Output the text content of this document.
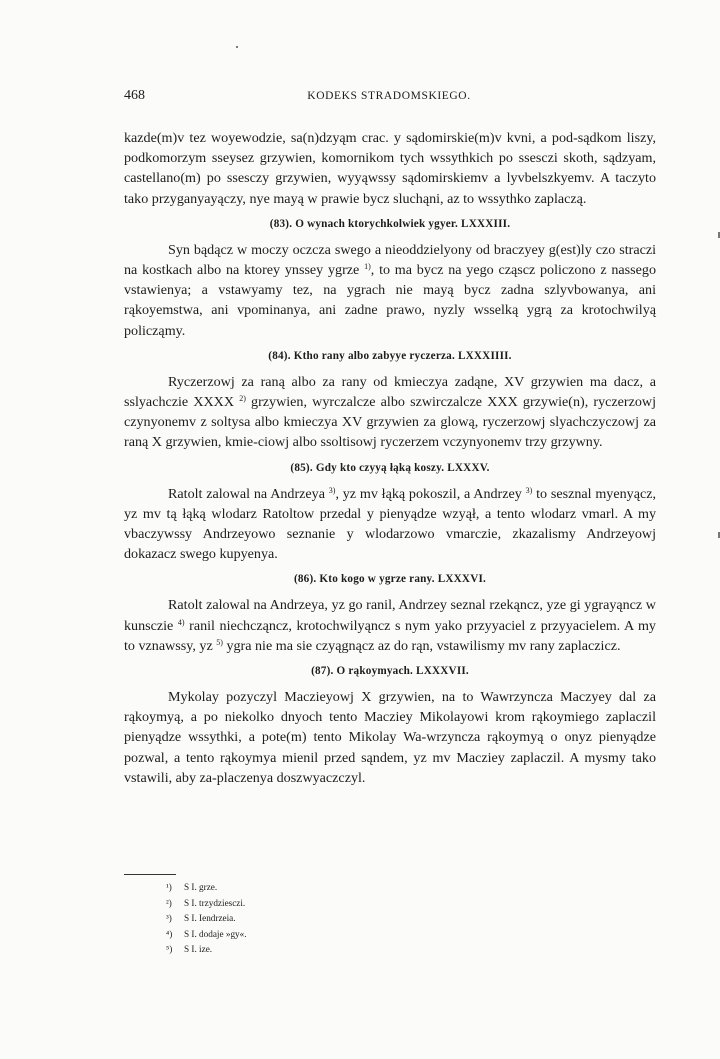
468	KODEKS STRADOMSKIEGO.

kazde(m)v tez woyewodzie, sa(n)dzyąm crac. y sądomirskie(m)v kvni, a pod-sądkom liszy, podkomorzym sseysez grzywien, komornikom tych wssythkich po ssesczi skoth, sądzyam, castellano(m) po ssesczy grzywien, wyyąwssy sądomirskiemv a lyvbelszkyemv. A taczyto tako przyganyayączy, nye mayą w prawie bycz sluchąni, az to wssythko zaplaczą.

(83). O wynach ktorychkolwiek ygyer. LXXXIII.

Syn bądącz w moczy oczcza swego a nieoddzielyony od braczyey g(est)ly czo straczi na kostkach albo na ktorey ynssey ygrze $^{1)}$, to ma bycz na yego cząscz policzono z nassego vstawienya; a vstawyamy tez, na ygrach nie mayą bycz zadna szlyvbowanya, ani rąkoyemstwa, ani vpominanya, ani zadne prawo, nyzly wsselką ygrą za krotochwilyą policząmy.

(84). Ktho rany albo zabyye ryczerza. LXXXIIII.

Ryczerzowj za raną albo za rany od kmieczya zadąne, XV grzywien ma dacz, a sslyachczie XXXX $^{2)}$ grzywien, wyrczalcze albo szwirczalcze XXX grzywie(n), ryczerzowj czynyonemv z soltysa albo kmieczya XV grzywien za glową, ryczerzowj slyachczyczowj za raną X grzywien, kmie-ciowj albo ssoltisowj ryczerzem vczynyonemv trzy grzywny.

(85). Gdy kto czyyą łąką koszy. LXXXV.

Ratolt zalowal na Andrzeya $^{3)}$, yz mv łąką pokoszil, a Andrzey $^{3)}$ to sesznal myenyącz, yz mv tą łąką wlodarz Ratoltow przedal y pienyądze wzyął, a tento wlodarz vmarl. A my vbaczywssy Andrzeyowo seznanie y wlodarzowo vmarczie, zkazalismy Andrzeyowj dokazacz swego kupyenya.

(86). Kto kogo w ygrze rany. LXXXVI.

Ratolt zalowal na Andrzeya, yz go ranil, Andrzey seznal rzekąncz, yze gi ygrayąncz w kunsczie $^{4)}$ ranil niechcząncz, krotochwilyąncz s nym yako przyyaciel z przyyacielem. A my to vznawssy, yz $^{5)}$ ygra nie ma sie czyągnącz az do rąn, vstawilismy mv rany zaplaczicz.

(87). O rąkoymyach. LXXXVII.

Mykolay pozyczyl Maczieyowj X grzywien, na to Wawrzyncza Maczyey dal za rąkoymyą, a po niekolko dnyoch tento Macziey Mikolayowi krom rąkoymiego zaplaczil pienyądze wssythki, a pote(m) tento Mikolay Wa-wrzyncza rąkoymyą o onyz pienyądze pozwal, a tento rąkoymya mienil przed sąndem, yz mv Macziey zaplaczil. A mysmy tako vstawili, aby za-placzenya doszwyaczczyl.

¹) S I. grze.
²) S I. trzydziesczi.
³) S I. Iendrzeia.
⁴) S I. dodaje »gy«.
⁵) S I. ize.
